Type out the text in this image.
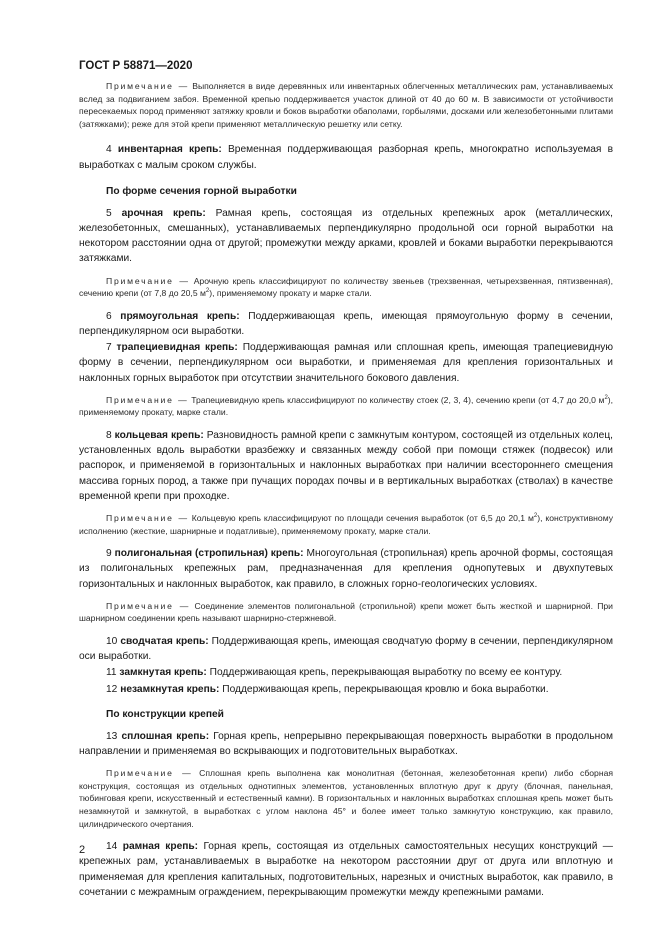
ГОСТ Р 58871—2020

Примечание — Выполняется в виде деревянных или инвентарных облегченных металлических рам, устанавливаемых вслед за подвиганием забоя. Временной крепью поддерживается участок длиной от 40 до 60 м. В зависимости от устойчивости пересекаемых пород применяют затяжку кровли и боков выработки обаполами, горбылями, досками или железобетонными плитами (затяжками); реже для этой крепи применяют металлическую решетку или сетку.

4 инвентарная крепь: Временная поддерживающая разборная крепь, многократно используемая в выработках с малым сроком службы.

По форме сечения горной выработки

5 арочная крепь: Рамная крепь, состоящая из отдельных крепежных арок (металлических, железобетонных, смешанных), устанавливаемых перпендикулярно продольной оси горной выработки на некотором расстоянии одна от другой; промежутки между арками, кровлей и боками выработки перекрываются затяжками.

Примечание — Арочную крепь классифицируют по количеству звеньев (трехзвенная, четырехзвенная, пятизвенная), сечению крепи (от 7,8 до 20,5 $м^2$), применяемому прокату и марке стали.

6 прямоугольная крепь: Поддерживающая крепь, имеющая прямоугольную форму в сечении, перпендикулярном оси выработки.

7 трапециевидная крепь: Поддерживающая рамная или сплошная крепь, имеющая трапециевидную форму в сечении, перпендикулярном оси выработки, и применяемая для крепления горизонтальных и наклонных горных выработок при отсутствии значительного бокового давления.

Примечание — Трапециевидную крепь классифицируют по количеству стоек (2, 3, 4), сечению крепи (от 4,7 до 20,0 $м^2$), применяемому прокату, марке стали.

8 кольцевая крепь: Разновидность рамной крепи с замкнутым контуром, состоящей из отдельных колец, установленных вдоль выработки вразбежку и связанных между собой при помощи стяжек (подвесок) или распорок, и применяемой в горизонтальных и наклонных выработках при наличии всестороннего смещения массива горных пород, а также при пучащих породах почвы и в вертикальных выработках (стволах) в качестве временной крепи при проходке.

Примечание — Кольцевую крепь классифицируют по площади сечения выработок (от 6,5 до 20,1 $м^2$), конструктивному исполнению (жесткие, шарнирные и податливые), применяемому прокату, марке стали.

9 полигональная (стропильная) крепь: Многоугольная (стропильная) крепь арочной формы, состоящая из полигональных крепежных рам, предназначенная для крепления однопутевых и двухпутевых горизонтальных и наклонных выработок, как правило, в сложных горно-геологических условиях.

Примечание — Соединение элементов полигональной (стропильной) крепи может быть жесткой и шарнирной. При шарнирном соединении крепь называют шарнирно-стержневой.

10 сводчатая крепь: Поддерживающая крепь, имеющая сводчатую форму в сечении, перпендикулярном оси выработки.

11 замкнутая крепь: Поддерживающая крепь, перекрывающая выработку по всему ее контуру.

12 незамкнутая крепь: Поддерживающая крепь, перекрывающая кровлю и бока выработки.

По конструкции крепей

13 сплошная крепь: Горная крепь, непрерывно перекрывающая поверхность выработки в продольном направлении и применяемая во вскрывающих и подготовительных выработках.

Примечание — Сплошная крепь выполнена как монолитная (бетонная, железобетонная крепи) либо сборная конструкция, состоящая из отдельных однотипных элементов, установленных вплотную друг к другу (блочная, панельная, тюбинговая крепи, искусственный и естественный камни). В горизонтальных и наклонных выработках сплошная крепь может быть незамкнутой и замкнутой, в выработках с углом наклона 45° и более имеет только замкнутую конструкцию, как правило, цилиндрического очертания.

14 рамная крепь: Горная крепь, состоящая из отдельных самостоятельных несущих конструкций — крепежных рам, устанавливаемых в выработке на некотором расстоянии друг от друга или вплотную и применяемая для крепления капитальных, подготовительных, нарезных и очистных выработок, как правило, в сочетании с межрамным ограждением, перекрывающим промежутки между крепежными рамами.

2
